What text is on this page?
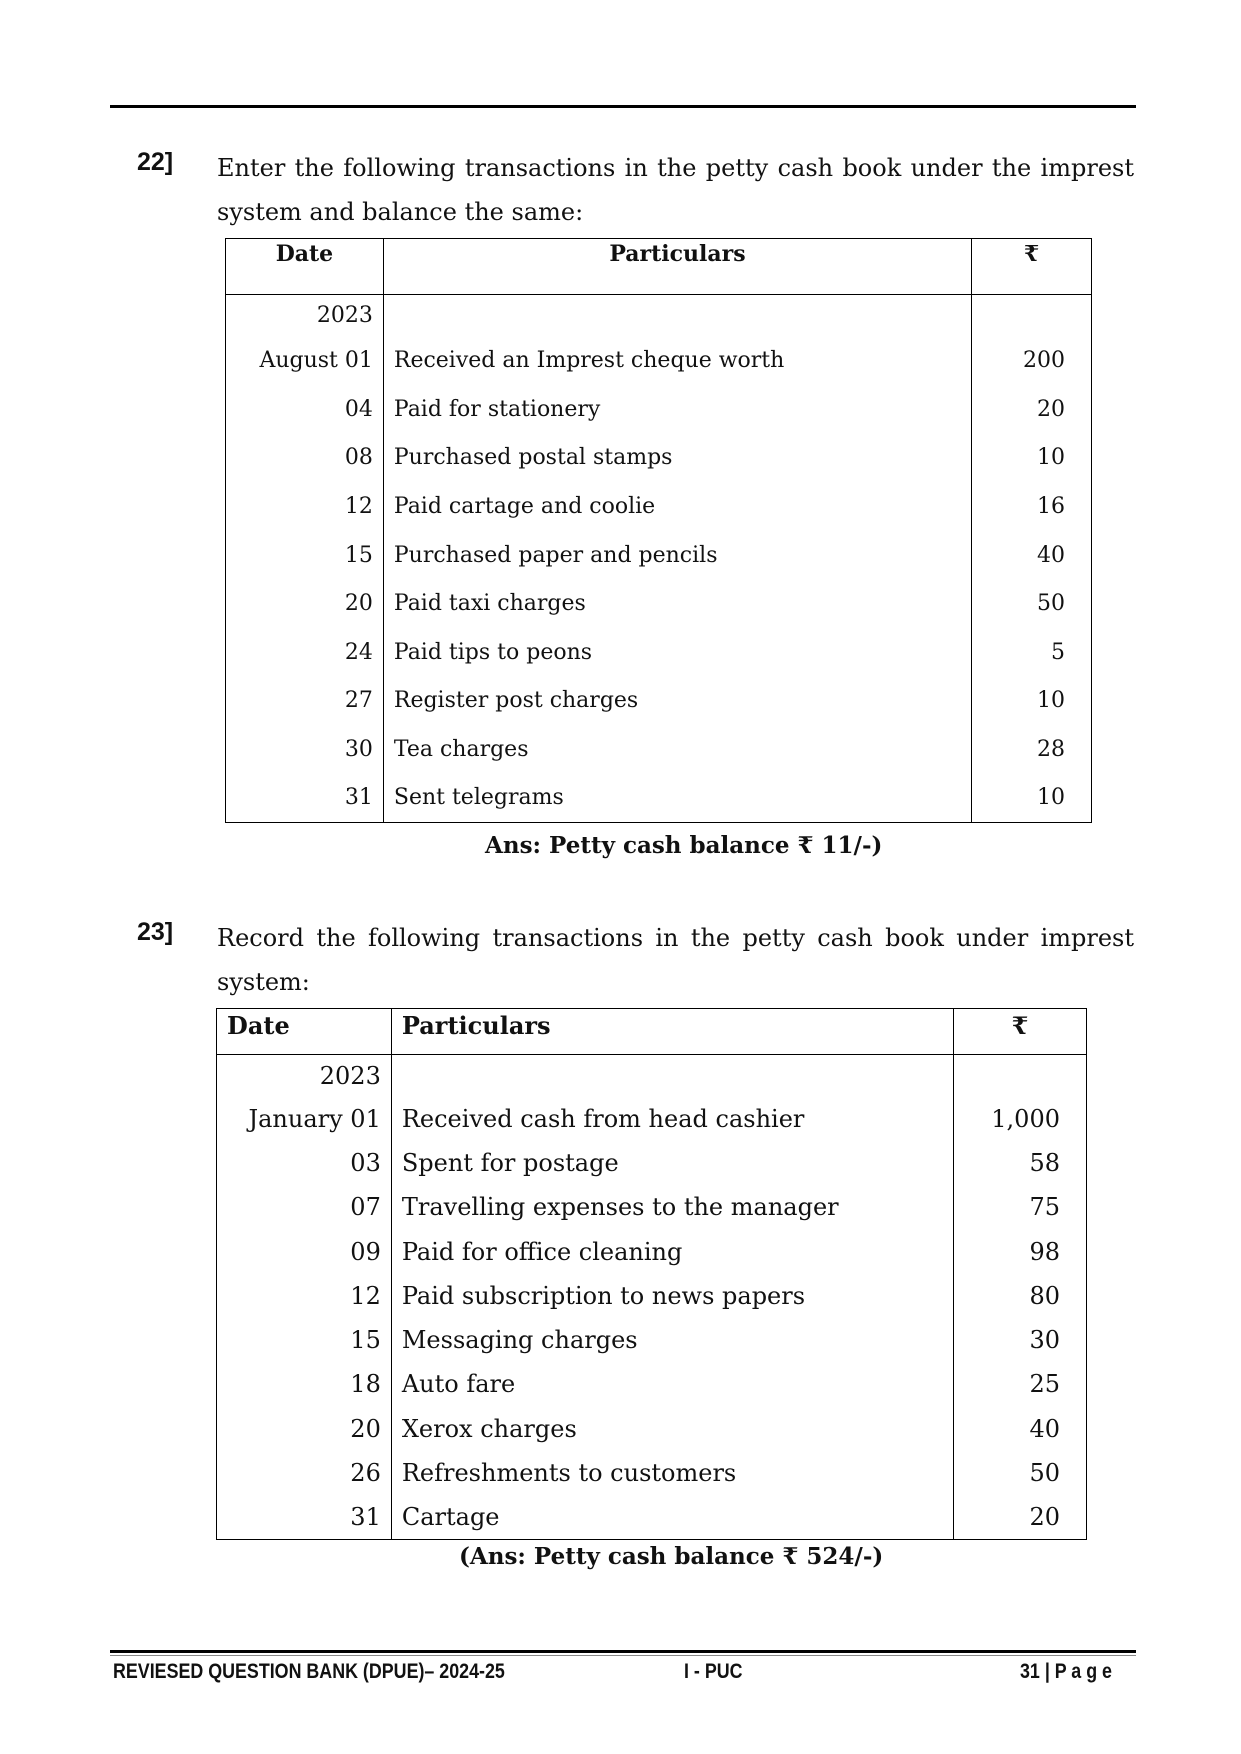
22] Enter the following transactions in the petty cash book under the imprest
system and balance the same:
Date	Particulars	₹
2023		
August 01	Received an Impreѕt cheque worth	200
04	Paid for stationery	20
08	Purchased postal stamps	10
12	Paid cartage and coolie	16
15	Purchased paper and pencils	40
20	Paid taxi charges	50
24	Paid tips to peons	5
27	Register post charges	10
30	Tea charges	28
31	Sent telegrams	10
Ans: Petty cash balance ₹ 11/-)
23] Record the following transactions in the petty cash book under imprest
system:
Date	Particulars	₹
2023		
January 01	Received cash from head cashier	1,000
03	Spent for postage	58
07	Travelling expenses to the manager	75
09	Paid for office cleaning	98
12	Paid subscription to news papers	80
15	Messaging charges	30
18	Auto fare	25
20	Xerox charges	40
26	Refreshments to customers	50
31	Cartage	20
(Ans: Petty cash balance ₹ 524/-)
REVIESED QUESTION BANK (DPUE)– 2024-25	I - PUC	31 | P a g e
